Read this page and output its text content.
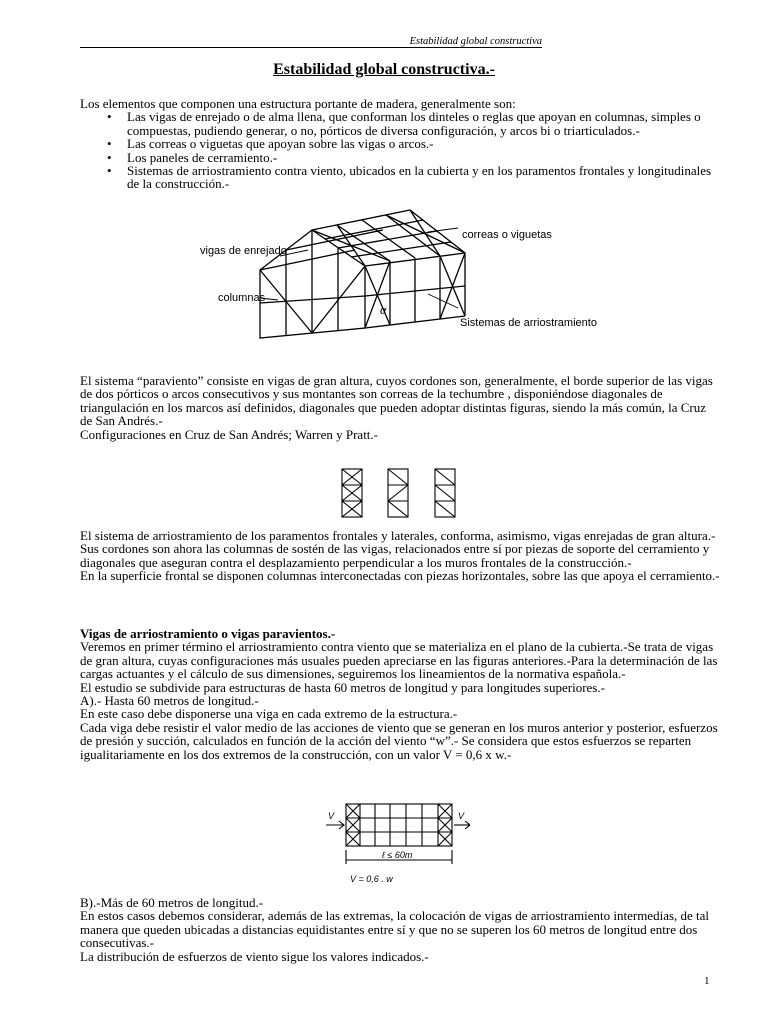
Estabilidad global constructiva
Estabilidad global constructiva.-

Los elementos que componen una estructura portante de madera, generalmente son:

• Las vigas de enrejado o de alma llena, que conforman los dinteles o reglas que apoyan en columnas, simples o compuestas, pudiendo generar, o no, pórticos de diversa configuración, y arcos bi o triarticulados.-
• Las correas o viguetas que apoyan sobre las vigas o arcos.-
• Los paneles de cerramiento.-
• Sistemas de arriostramiento contra viento, ubicados en la cubierta y en los paramentos frontales y longitudinales de la construcción.-
vigas de enrejado
correas o viguetas
columnas
Sistemas de arriostramiento
α

El sistema “paraviento” consiste en vigas de gran altura, cuyos cordones son, generalmente, el borde superior de las vigas de dos pórticos o arcos consecutivos y sus montantes son correas de la techumbre , disponiéndose diagonales de triangulación en los marcos así definidos, diagonales que pueden adoptar distintas figuras, siendo la más común, la Cruz de San Andrés.-

Configuraciones en Cruz de San Andrés; Warren y Pratt.-

El sistema de arriostramiento de los paramentos frontales y laterales, conforma, asimismo, vigas enrejadas de gran altura.-Sus cordones son ahora las columnas de sostén de las vigas, relacionados entre sí por piezas de soporte del cerramiento y diagonales que aseguran contra el desplazamiento perpendicular a los muros frontales de la construcción.-

En la superficie frontal se disponen columnas interconectadas con piezas horizontales, sobre las que apoya el cerramiento.-

Vigas de arriostramiento o vigas paravientos.-

Veremos en primer término el arriostramiento contra viento que se materializa en el plano de la cubierta.-Se trata de vigas de gran altura, cuyas configuraciones más usuales pueden apreciarse en las figuras anteriores.-Para la determinación de las cargas actuantes y el cálculo de sus dimensiones, seguiremos los lineamientos de la normativa española.-

El estudio se subdivide para estructuras de hasta 60 metros de longitud y para longitudes superiores.-

A).- Hasta 60 metros de longitud.-

En este caso debe disponerse una viga en cada extremo de la estructura.-

Cada viga debe resistir el valor medio de las acciones de viento que se generan en los muros anterior y posterior, esfuerzos de presión y succión, calculados en función de la acción del viento “w”.- Se considera que estos esfuerzos se reparten igualitariamente en los dos extremos de la construcción, con un valor V = 0,6 x w.-

V	V
ℓ ≤ 60m
V = 0,6 . w

B).-Más de 60 metros de longitud.-

En estos casos debemos considerar, además de las extremas, la colocación de vigas de arriostramiento intermedias, de tal manera que queden ubicadas a distancias equidistantes entre sí y que no se superen los 60 metros de longitud entre dos consecutivas.-

La distribución de esfuerzos de viento sigue los valores indicados.-

1
